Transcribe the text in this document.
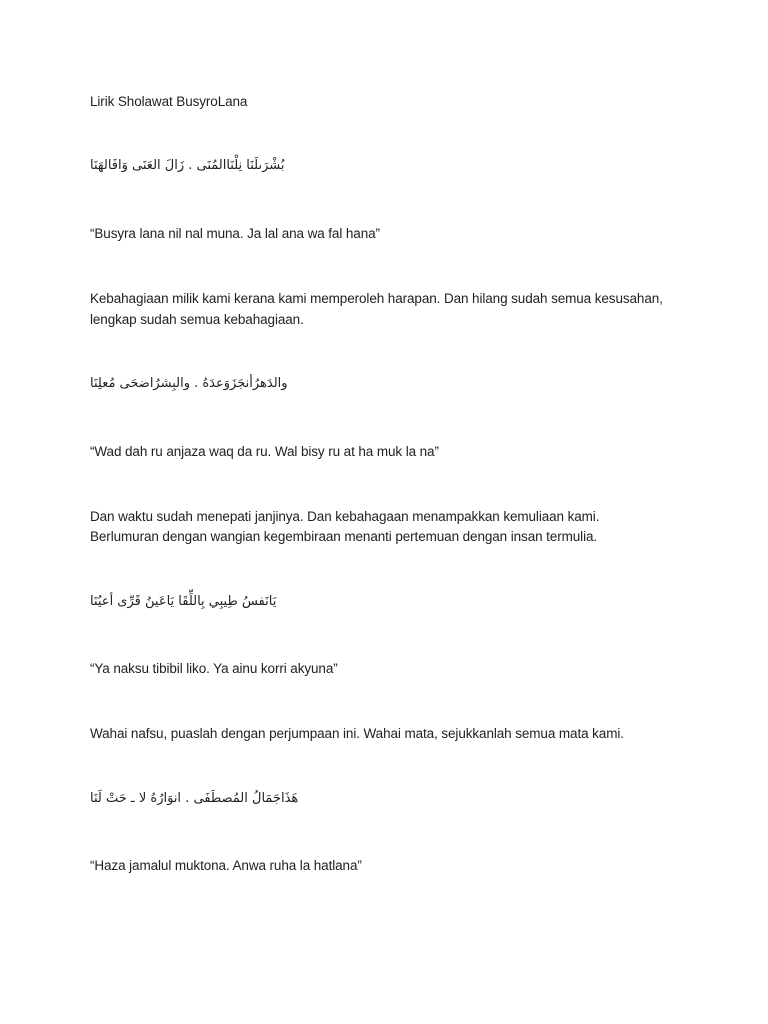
Lirik Sholawat BusyroLana
بُشْرَىلَنَا نِلْنَاالمُنَى . زَالَ العَنَى وَافَالهَنَا
“Busyra lana nil nal muna. Ja lal ana wa fal hana”
Kebahagiaan milik kami kerana kami memperoleh harapan. Dan hilang sudah semua kesusahan,
lengkap sudah semua kebahagiaan.
والدَهرُأنجَزَوَعدَهُ . والبِشرُاضحَى مُعلِنَا
“Wad dah ru anjaza waq da ru. Wal bisy ru at ha muk la na”
Dan waktu sudah menepati janjinya. Dan kebahagaan menampakkan kemuliaan kami.
Berlumuran dengan wangian kegembiraan menanti pertemuan dengan insan termulia.
يَانَفسُ طِيبِي بِاللِّقَا يَاعَينُ قَرِّى أعيُنَا
“Ya naksu tibibil liko. Ya ainu korri akyuna”
Wahai nafsu, puaslah dengan perjumpaan ini. Wahai mata, sejukkanlah semua mata kami.
هَذَاجَمَالُ المُصطَفَى . انوَارُهُ لا ـ حَتْ لَنَا
“Haza jamalul muktona. Anwa ruha la hatlana”
